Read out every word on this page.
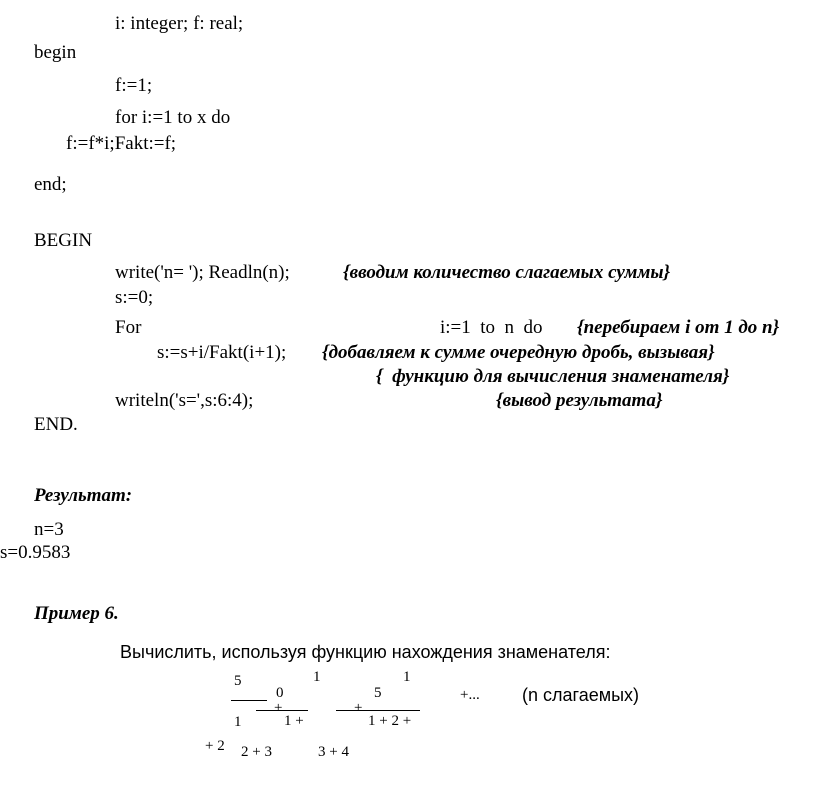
i: integer; f: real;
begin
f:=1;
for i:=1 to x do
f:=f*i;Fakt:=f;
end;
BEGIN
write('n= '); Readln(n);	{вводим количество слагаемых суммы}
s:=0;
For	i:=1  to  n  do {перебираем i от 1 до n}
s:=s+i/Fakt(i+1); {добавляем к сумме очередную дробь, вызывая}
{  функцию для вычисления знаменателя}
writeln('s=',s:6:4);	{вывод результата}
END.
Результат:
n=3
s=0.9583
Пример 6.
Вычислить, используя функцию нахождения знаменателя:
5
0
1
+
5
1
+
+... (n слагаемых)
1	1 +	1 + 2 +
+ 2 2 + 3	3 + 4
